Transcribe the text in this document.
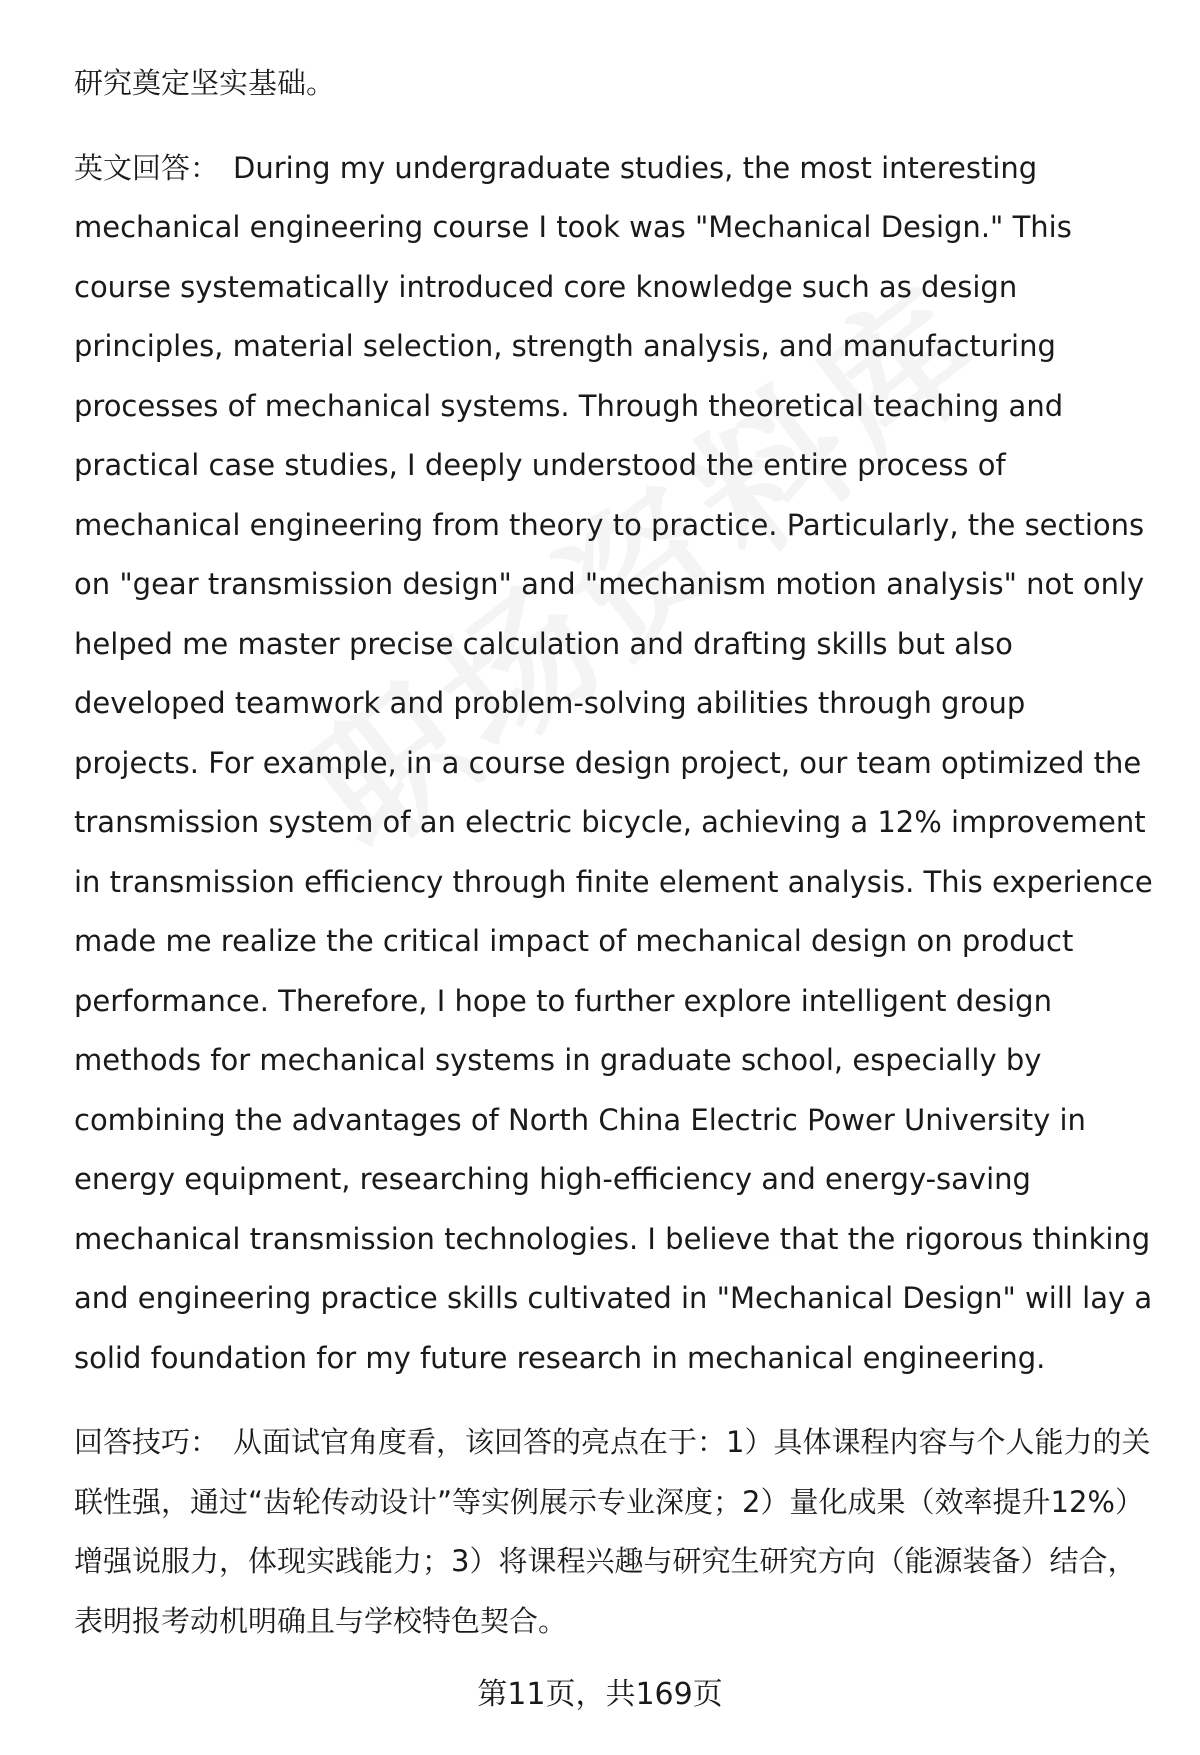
研究奠定坚实基础。

英文回答： During my undergraduate studies, the most interesting mechanical engineering course I took was "Mechanical Design." This course systematically introduced core knowledge such as design principles, material selection, strength analysis, and manufacturing processes of mechanical systems. Through theoretical teaching and practical case studies, I deeply understood the entire process of mechanical engineering from theory to practice. Particularly, the sections on "gear transmission design" and "mechanism motion analysis" not only helped me master precise calculation and drafting skills but also developed teamwork and problem-solving abilities through group projects. For example, in a course design project, our team optimized the transmission system of an electric bicycle, achieving a 12% improvement in transmission efficiency through finite element analysis. This experience made me realize the critical impact of mechanical design on product performance. Therefore, I hope to further explore intelligent design methods for mechanical systems in graduate school, especially by combining the advantages of North China Electric Power University in energy equipment, researching high-efficiency and energy-saving mechanical transmission technologies. I believe that the rigorous thinking and engineering practice skills cultivated in "Mechanical Design" will lay a solid foundation for my future research in mechanical engineering.

回答技巧： 从面试官角度看，该回答的亮点在于：1）具体课程内容与个人能力的关联性强，通过“齿轮传动设计”等实例展示专业深度；2）量化成果（效率提升12%）增强说服力，体现实践能力；3）将课程兴趣与研究生研究方向（能源装备）结合，表明报考动机明确且与学校特色契合。

第11页，共169页
